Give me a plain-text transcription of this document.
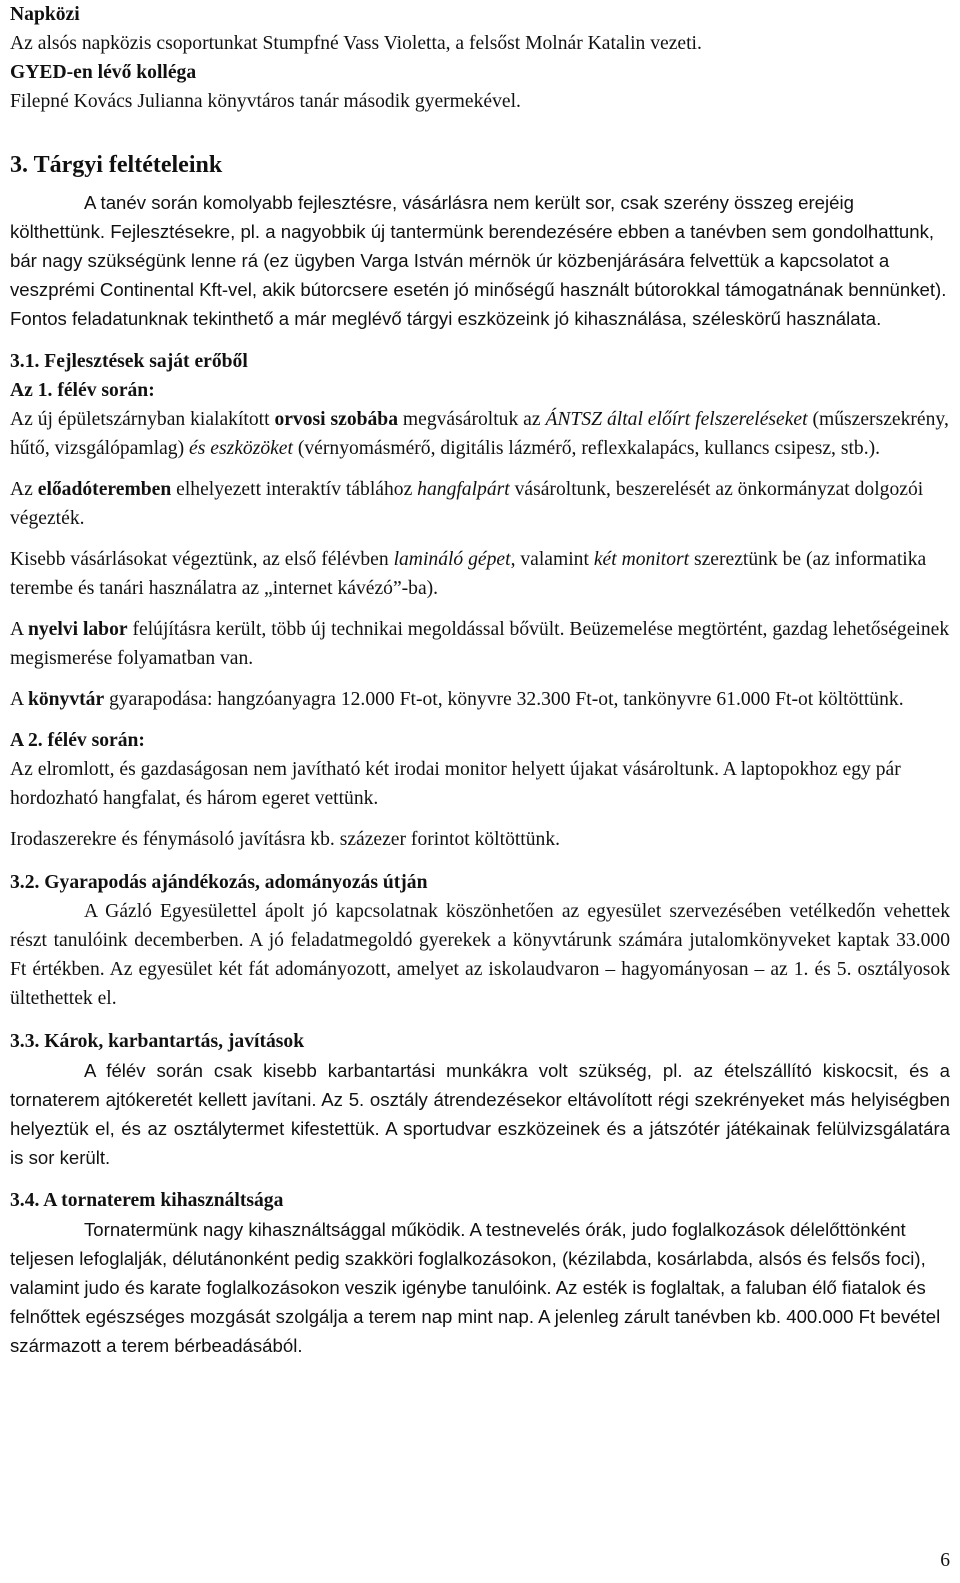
Napközi

Az alsós napközis csoportunkat Stumpfné Vass Violetta, a felsőst Molnár Katalin vezeti.

GYED-en lévő kolléga

Filepné Kovács Julianna könyvtáros tanár második gyermekével.

3. Tárgyi feltételeink

A tanév során komolyabb fejlesztésre, vásárlásra nem került sor, csak szerény összeg erejéig költhettünk. Fejlesztésekre, pl. a nagyobbik új tantermünk berendezésére ebben a tanévben sem gondolhattunk, bár nagy szükségünk lenne rá (ez ügyben Varga István mérnök úr közbenjárására felvettük a kapcsolatot a veszprémi Continental Kft-vel, akik bútorcsere esetén jó minőségű használt bútorokkal támogatnának bennünket). Fontos feladatunknak tekinthető a már meglévő tárgyi eszközeink jó kihasználása, széleskörű használata.

3.1. Fejlesztések saját erőből

Az 1. félév során:

Az új épületszárnyban kialakított orvosi szobába megvásároltuk az ÁNTSZ által előírt felszereléseket (műszerszekrény, hűtő, vizsgálópamlag) és eszközöket (vérnyomásmérő, digitális lázmérő, reflexkalapács, kullancs csipesz, stb.).

Az előadóteremben elhelyezett interaktív táblához hangfalpárt vásároltunk, beszerelését az önkormányzat dolgozói végezték.

Kisebb vásárlásokat végeztünk, az első félévben lamináló gépet, valamint két monitort szereztünk be (az informatika terembe és tanári használatra az „internet kávézó”-ba).

A nyelvi labor felújításra került, több új technikai megoldással bővült. Beüzemelése megtörtént, gazdag lehetőségeinek megismerése folyamatban van.

A könyvtár gyarapodása: hangzóanyagra 12.000 Ft-ot, könyvre 32.300 Ft-ot, tankönyvre 61.000 Ft-ot költöttünk.

A 2. félév során:

Az elromlott, és gazdaságosan nem javítható két irodai monitor helyett újakat vásároltunk. A laptopokhoz egy pár hordozható hangfalat, és három egeret vettünk.

Irodaszerekre és fénymásoló javításra kb. százezer forintot költöttünk.

3.2. Gyarapodás ajándékozás, adományozás útján

A Gázló Egyesülettel ápolt jó kapcsolatnak köszönhetően az egyesület szervezésében vetélkedőn vehettek részt tanulóink decemberben. A jó feladatmegoldó gyerekek a könyvtárunk számára jutalomkönyveket kaptak 33.000 Ft értékben. Az egyesület két fát adományozott, amelyet az iskolaudvaron – hagyományosan – az 1. és 5. osztályosok ültethettek el.

3.3. Károk, karbantartás, javítások

A félév során csak kisebb karbantartási munkákra volt szükség, pl. az ételszállító kiskocsit, és a tornaterem ajtókeretét kellett javítani. Az 5. osztály átrendezésekor eltávolított régi szekrényeket más helyiségben helyeztük el, és az osztálytermet kifestettük. A sportudvar eszközeinek és a játszótér játékainak felülvizsgálatára is sor került.

3.4. A tornaterem kihasználtsága

Tornatermünk nagy kihasználtsággal működik. A testnevelés órák, judo foglalkozások délelőttönként teljesen lefoglalják, délutánonként pedig szakköri foglalkozásokon, (kézilabda, kosárlabda, alsós és felsős foci), valamint judo és karate foglalkozásokon veszik igénybe tanulóink. Az esték is foglaltak, a faluban élő fiatalok és felnőttek egészséges mozgását szolgálja a terem nap mint nap. A jelenleg zárult tanévben kb. 400.000 Ft bevétel származott a terem bérbeadásából.

6
